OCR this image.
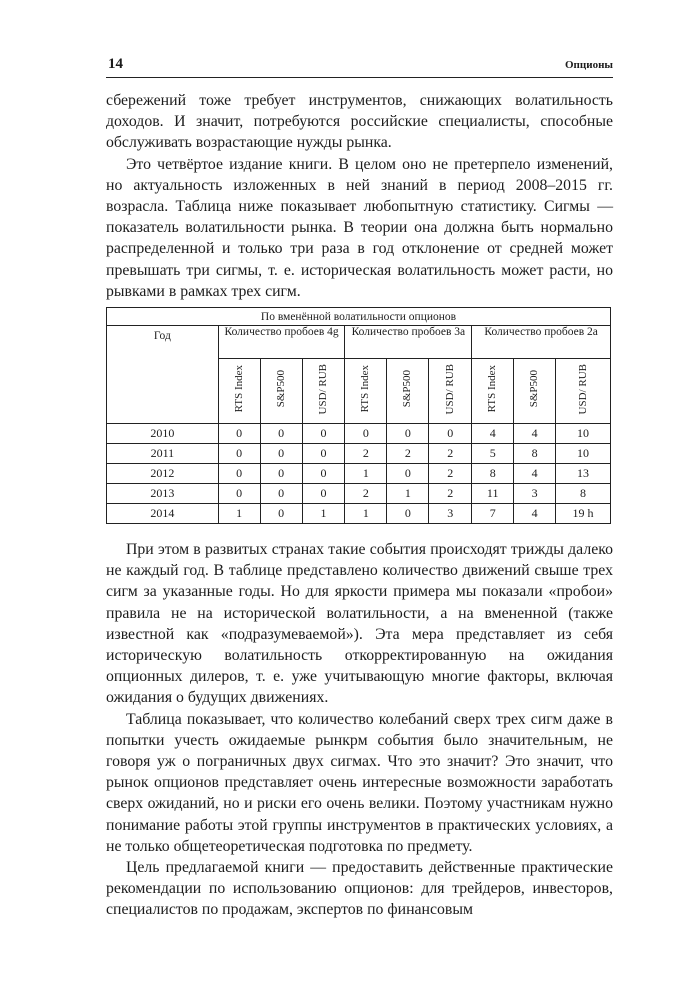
14	Опционы

сбережений тоже требует инструментов, снижающих волатильность доходов. И значит, потребуются российские специалисты, способные обслуживать возрастающие нужды рынка.

Это четвёртое издание книги. В целом оно не претерпело изменений, но актуальность изложенных в ней знаний в период 2008–2015 гг. возрасла. Таблица ниже показывает любопытную статистику. Сигмы — показатель волатильности рынка. В теории она должна быть нормально распределенной и только три раза в год отклонение от средней может превышать три сигмы, т. е. историческая волатильность может расти, но рывками в рамках трех сигм.

По вменённой волатильности опционов									
Год	Количество пробоев 4g			Количество пробоев 3a			Количество пробоев 2a		
	RTS Index	S&P500	USD/ RUB	RTS Index	S&P500	USD/ RUB	RTS Index	S&P500	USD/ RUB
2010	0	0	0	0	0	0	4	4	10
2011	0	0	0	2	2	2	5	8	10
2012	0	0	0	1	0	2	8	4	13
2013	0	0	0	2	1	2	11	3	8
2014	1	0	1	1	0	3	7	4	19 h

При этом в развитых странах такие события происходят трижды далеко не каждый год. В таблице представлено количество движений свыше трех сигм за указанные годы. Но для яркости примера мы показали «пробои» правила не на исторической волатильности, а на вмененной (также известной как «подразумеваемой»). Эта мера представляет из себя историческую волатильность откорректированную на ожидания опционных дилеров, т. е. уже учитывающую многие факторы, включая ожидания о будущих движениях.

Таблица показывает, что количество колебаний сверх трех сигм даже в попытки учесть ожидаемые рынкрм события было значительным, не говоря уж о пограничных двух сигмах. Что это значит? Это значит, что рынок опционов представляет очень интересные возможности заработать сверх ожиданий, но и риски его очень велики. Поэтому участникам нужно понимание работы этой группы инструментов в практических условиях, а не только общетеоретическая подготовка по предмету.

Цель предлагаемой книги — предоставить действенные практические рекомендации по использованию опционов: для трейдеров, инвесторов, специалистов по продажам, экспертов по финансовым
